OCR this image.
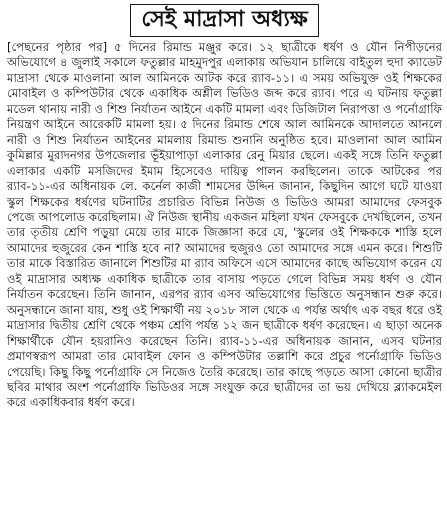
সেই মাদ্রাসা অধ্যক্ষ

[পেছনের পৃষ্ঠার পর] ৫ দিনের রিমান্ড মঞ্জুর করে। ১২ ছাত্রীকে ধর্ষণ ও যৌন নিপীড়নের অভিযোগে ৪ জুলাই সকালে ফতুল্লার মাহমুদপুর এলাকায় অভিযান চালিয়ে বাইতুল হুদা ক্যাডেট মাদ্রাসা থেকে মাওলানা আল আমিনকে আটক করে র‌্যাব-১১। এ সময় অভিযুক্ত ওই শিক্ষকের মোবাইল ও কম্পিউটার থেকে একাধিক অশ্লীল ভিডিও জব্দ করে র‌্যাব। পরে এ ঘটনায় ফতুল্লা মডেল থানায় নারী ও শিশু নির্যাতন আইনে একটি মামলা এবং ডিজিটাল নিরাপত্তা ও পর্নোগ্রাফি নিয়ন্ত্রণ আইনে আরেকটি মামলা হয়। ৫ দিনের রিমান্ড শেষে আল আমিনকে আদালতে আনলে নারী ও শিশু নির্যাতন আইনের মামলায় রিমান্ড শুনানি অনুষ্ঠিত হবে। মাওলানা আল আমিন কুমিল্লার মুরাদনগর উপজেলার ভূঁইয়াপাড়া এলাকার রেনু মিয়ার ছেলে। একই সঙ্গে তিনি ফতুল্লা এলাকার একটি মসজিদের ইমাম হিসেবেও দায়িত্ব পালন করছিলেন। তাকে আটকের পর র‌্যাব-১১-এর অধিনায়ক লে. কর্নেল কাজী শামসের উদ্দিন জানান, কিছুদিন আগে ঘটে যাওয়া স্কুল শিক্ষকের ধর্ষণের ঘটনাটির প্রচারিত বিভিন্ন নিউজ ও ভিডিও আমরা আমাদের ফেসবুক পেজে আপলোড করেছিলাম। ঐ নিউজ স্থানীয় একজন মহিলা যখন ফেসবুকে দেখছিলেন, তখন তার তৃতীয় শ্রেণি পড়ুয়া মেয়ে তার মাকে জিজ্ঞাসা করে যে, 'স্কুলের ওই শিক্ষককে শাস্তি হলে আমাদের হুজুরের কেন শাস্তি হবে না? আমাদের হুজুরও তো আমাদের সঙ্গে এমন করে। শিশুটি তার মাকে বিস্তারিত জানালে শিশুটির মা র‌্যাব অফিসে এসে আমাদের কাছে অভিযোগ করেন যে ওই মাদ্রাসার অধ্যক্ষ একাধিক ছাত্রীকে তার বাসায় পড়তে গেলে বিভিন্ন সময় ধর্ষণ ও যৌন নির্যাতন করেছেন। তিনি জানান, এরপর র‌্যাব এসব অভিযোগের ভিত্তিতে অনুসন্ধান শুরু করে। অনুসন্ধানে জানা যায়, শুধু ওই শিক্ষার্থী নয় ২০১৮ সাল থেকে এ পর্যন্ত অর্থাৎ এক বছর ধরে ওই মাদ্রাসার দ্বিতীয় শ্রেণি থেকে পঞ্চম শ্রেণি পর্যন্ত ১২ জন ছাত্রীকে ধর্ষণ করেছেন। এ ছাড়া অনেক শিক্ষার্থীকে যৌন হয়রানিও করেছেন তিনি। র‌্যাব-১১-এর অধিনায়ক জানান, এসব ঘটনার প্রমাণস্বরূপ আমরা তার মোবাইল ফোন ও কম্পিউটার তল্লাশি করে প্রচুর পর্নোগ্রাফি ভিডিও পেয়েছি। কিছু কিছু পর্নোগ্রাফি সে নিজেও তৈরি করেছে। তার কাছে পড়তে আসা কোনো ছাত্রীর ছবির মাথার অংশ পর্নোগ্রাফি ভিডিওর সঙ্গে সংযুক্ত করে ছাত্রীদের তা ভয় দেখিয়ে ব্ল্যাকমেইল করে একাধিকবার ধর্ষণ করে।
